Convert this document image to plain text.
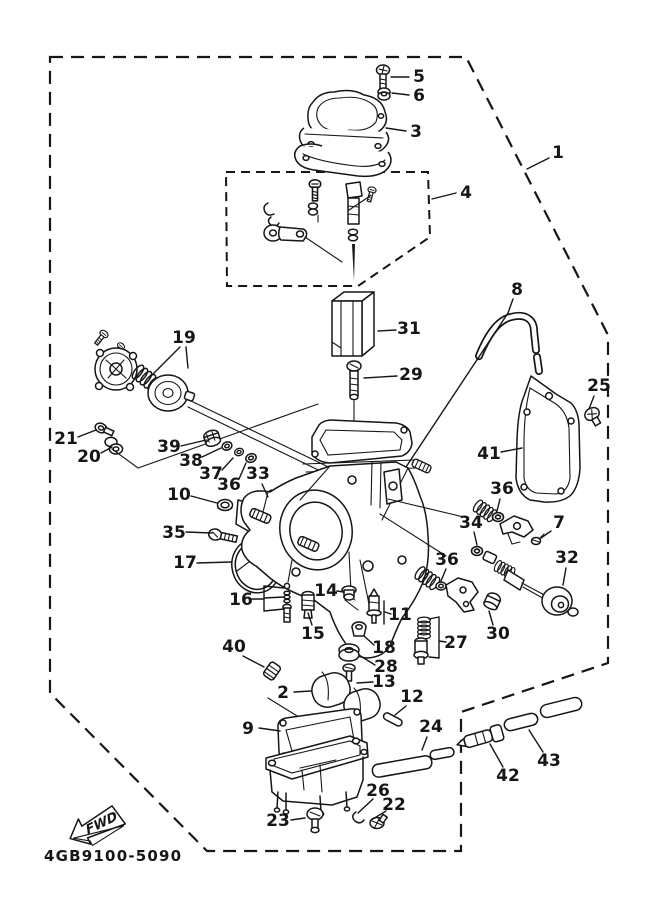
FWD
4GB9100-5090
5
6
3
4
1
31
29
8
25
41
19
21
20	39
38
37
36
33
10
35
17
16
15
14
11
18
28
13
27 30
36
34	7
32
36
2
40
12
9	24
26
22
23
42
43
